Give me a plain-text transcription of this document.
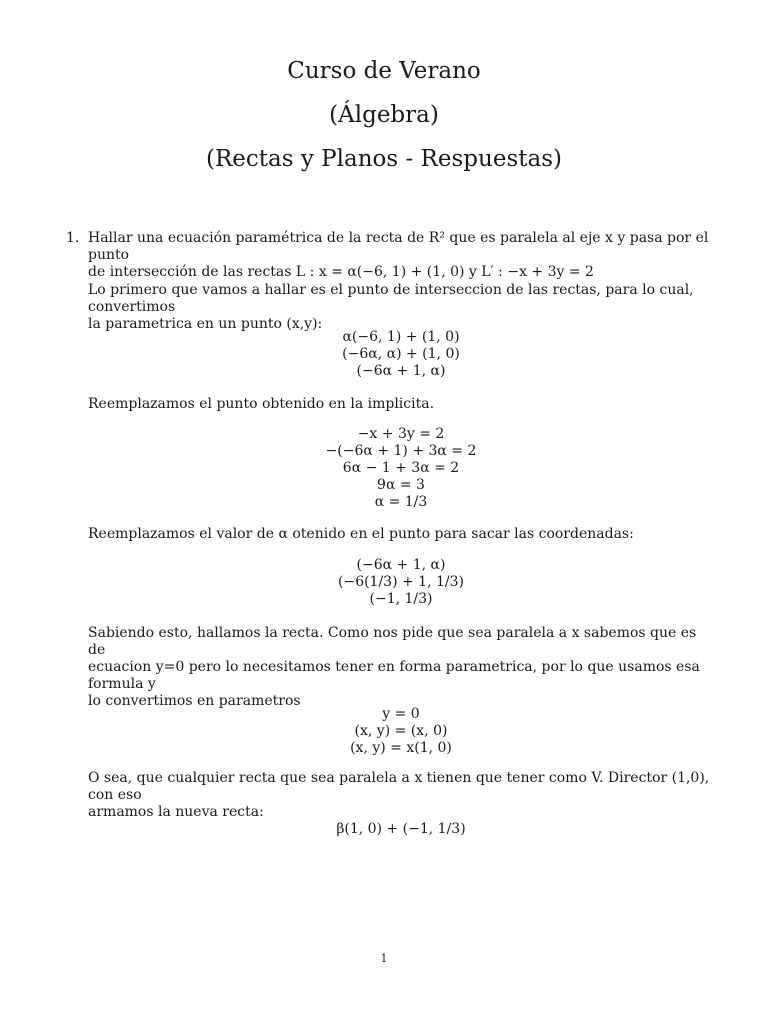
Curso de Verano
(Álgebra)
(Rectas y Planos - Respuestas)
1. Hallar una ecuación paramétrica de la recta de R² que es paralela al eje x y pasa por el punto
de intersección de las rectas L : x = α(−6, 1) + (1, 0) y L′ : −x + 3y = 2
Lo primero que vamos a hallar es el punto de interseccion de las rectas, para lo cual, convertimos
la parametrica en un punto (x,y):
α(−6, 1) + (1, 0)
(−6α, α) + (1, 0)
(−6α + 1, α)
Reemplazamos el punto obtenido en la implicita.
−x + 3y = 2
−(−6α + 1) + 3α = 2
6α − 1 + 3α = 2
9α = 3
α = 1/3
Reemplazamos el valor de α otenido en el punto para sacar las coordenadas:
(−6α + 1, α)
(−6(1/3) + 1, 1/3)
(−1, 1/3)
Sabiendo esto, hallamos la recta. Como nos pide que sea paralela a x sabemos que es de
ecuacion y=0 pero lo necesitamos tener en forma parametrica, por lo que usamos esa formula y
lo convertimos en parametros
y = 0
(x, y) = (x, 0)
(x, y) = x(1, 0)
O sea, que cualquier recta que sea paralela a x tienen que tener como V. Director (1,0), con eso
armamos la nueva recta:
β(1, 0) + (−1, 1/3)
1
